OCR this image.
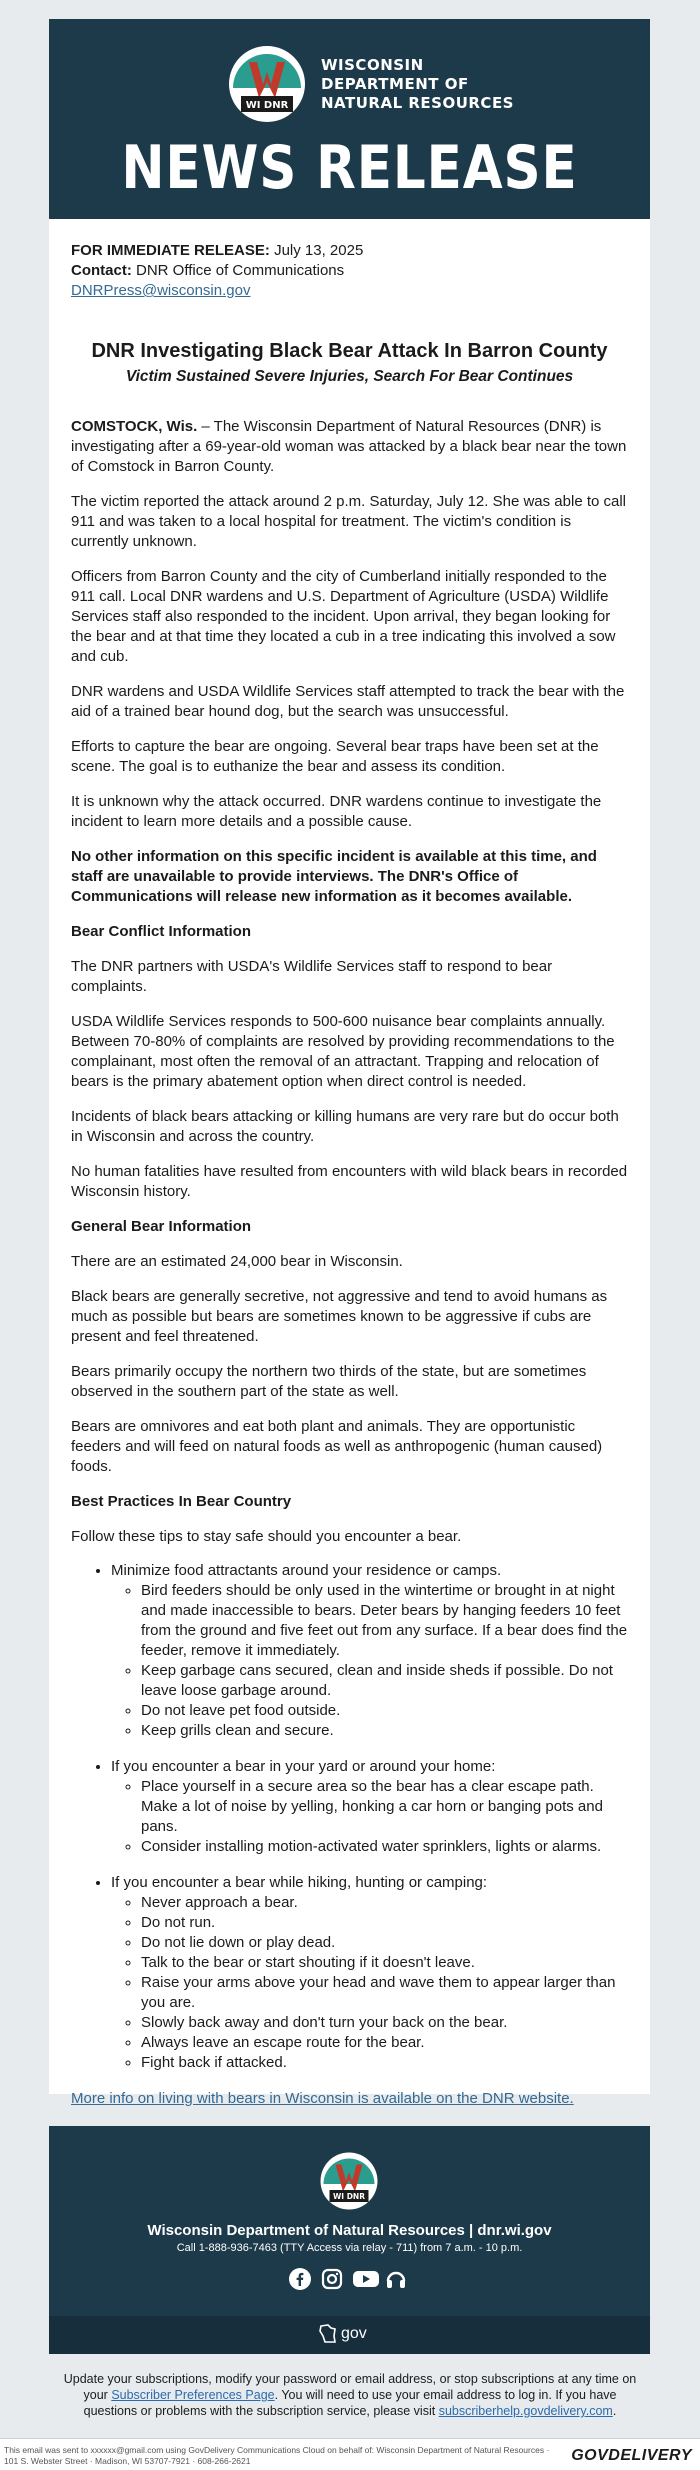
WI DNR
WISCONSIN
DEPARTMENT OF
NATURAL RESOURCES
NEWS RELEASE

FOR IMMEDIATE RELEASE: July 13, 2025

Contact: DNR Office of Communications

DNRPress@wisconsin.gov

DNR Investigating Black Bear Attack In Barron County
Victim Sustained Severe Injuries, Search For Bear Continues

COMSTOCK, Wis. – The Wisconsin Department of Natural Resources (DNR) is investigating after a 69-year-old woman was attacked by a black bear near the town of Comstock in Barron County.

The victim reported the attack around 2 p.m. Saturday, July 12. She was able to call 911 and was taken to a local hospital for treatment. The victim's condition is currently unknown.

Officers from Barron County and the city of Cumberland initially responded to the 911 call. Local DNR wardens and U.S. Department of Agriculture (USDA) Wildlife Services staff also responded to the incident. Upon arrival, they began looking for the bear and at that time they located a cub in a tree indicating this involved a sow and cub.

DNR wardens and USDA Wildlife Services staff attempted to track the bear with the aid of a trained bear hound dog, but the search was unsuccessful.

Efforts to capture the bear are ongoing. Several bear traps have been set at the scene. The goal is to euthanize the bear and assess its condition.

It is unknown why the attack occurred. DNR wardens continue to investigate the incident to learn more details and a possible cause.

No other information on this specific incident is available at this time, and staff are unavailable to provide interviews. The DNR's Office of Communications will release new information as it becomes available.

Bear Conflict Information

The DNR partners with USDA's Wildlife Services staff to respond to bear complaints.

USDA Wildlife Services responds to 500-600 nuisance bear complaints annually. Between 70-80% of complaints are resolved by providing recommendations to the complainant, most often the removal of an attractant. Trapping and relocation of bears is the primary abatement option when direct control is needed.

Incidents of black bears attacking or killing humans are very rare but do occur both in Wisconsin and across the country.

No human fatalities have resulted from encounters with wild black bears in recorded Wisconsin history.

General Bear Information

There are an estimated 24,000 bear in Wisconsin.

Black bears are generally secretive, not aggressive and tend to avoid humans as much as possible but bears are sometimes known to be aggressive if cubs are present and feel threatened.

Bears primarily occupy the northern two thirds of the state, but are sometimes observed in the southern part of the state as well.

Bears are omnivores and eat both plant and animals. They are opportunistic feeders and will feed on natural foods as well as anthropogenic (human caused) foods.

Best Practices In Bear Country

Follow these tips to stay safe should you encounter a bear.

• Minimize food attractants around your residence or camps.
◦ Bird feeders should be only used in the wintertime or brought in at night and made inaccessible to bears. Deter bears by hanging feeders 10 feet from the ground and five feet out from any surface. If a bear does find the feeder, remove it immediately.
◦ Keep garbage cans secured, clean and inside sheds if possible. Do not leave loose garbage around.
◦ Do not leave pet food outside.
◦ Keep grills clean and secure.
• If you encounter a bear in your yard or around your home:
◦ Place yourself in a secure area so the bear has a clear escape path. Make a lot of noise by yelling, honking a car horn or banging pots and pans.
◦ Consider installing motion-activated water sprinklers, lights or alarms.
• If you encounter a bear while hiking, hunting or camping:
◦ Never approach a bear.
◦ Do not run.
◦ Do not lie down or play dead.
◦ Talk to the bear or start shouting if it doesn't leave.
◦ Raise your arms above your head and wave them to appear larger than you are.
◦ Slowly back away and don't turn your back on the bear.
◦ Always leave an escape route for the bear.
◦ Fight back if attacked.

More info on living with bears in Wisconsin is available on the DNR website.

WI DNR
Wisconsin Department of Natural Resources | dnr.wi.gov
Call 1-888-936-7463 (TTY Access via relay - 711) from 7 a.m. - 10 p.m.
gov
Update your subscriptions, modify your password or email address, or stop subscriptions at any time on your Subscriber Preferences Page. You will need to use your email address to log in. If you have questions or problems with the subscription service, please visit subscriberhelp.govdelivery.com.
This email was sent to xxxxxx@gmail.com using GovDelivery Communications Cloud on behalf of: Wisconsin Department of Natural Resources · 101 S. Webster Street · Madison, WI 53707-7921 · 608-266-2621	GOVDELIVERY
